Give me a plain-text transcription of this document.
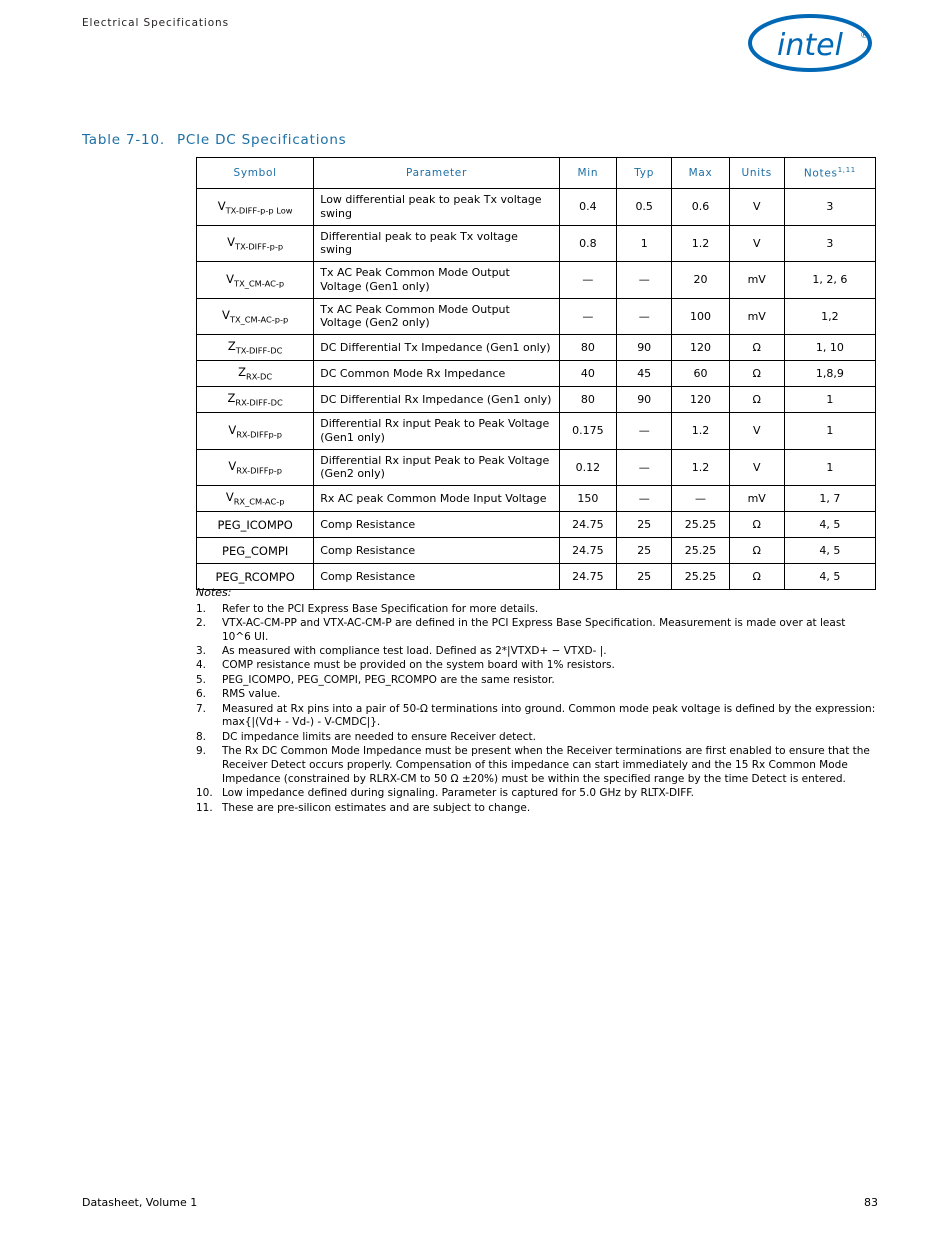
Electrical Specifications
intel ®
Table 7-10. PCIe DC Specifications
Symbol	Parameter	Min	Typ	Max	Units	Notes$^{1,11}$
$V_{TX-DIFF-p-p Low}$	Low differential peak to peak Tx voltage swing	0.4	0.5	0.6	V	3
$V_{TX-DIFF-p-p}$	Differential peak to peak Tx voltage swing	0.8	1	1.2	V	3
$V_{TX\_CM-AC-p}$	Tx AC Peak Common Mode Output Voltage (Gen1 only)	—	—	20	mV	1, 2, 6
$V_{TX\_CM-AC-p-p}$	Tx AC Peak Common Mode Output Voltage (Gen2 only)	—	—	100	mV	1,2
$Z_{TX-DIFF-DC}$	DC Differential Tx Impedance (Gen1 only)	80	90	120	Ω	1, 10
$Z_{RX-DC}$	DC Common Mode Rx Impedance	40	45	60	Ω	1,8,9
$Z_{RX-DIFF-DC}$	DC Differential Rx Impedance (Gen1 only)	80	90	120	Ω	1
$V_{RX-DIFFp-p}$	Differential Rx input Peak to Peak Voltage (Gen1 only)	0.175	—	1.2	V	1
$V_{RX-DIFFp-p}$	Differential Rx input Peak to Peak Voltage (Gen2 only)	0.12	—	1.2	V	1
$V_{RX\_CM-AC-p}$	Rx AC peak Common Mode Input Voltage	150	—	—	mV	1, 7
PEG_ICOMPO	Comp Resistance	24.75	25	25.25	Ω	4, 5
PEG_COMPI	Comp Resistance	24.75	25	25.25	Ω	4, 5
PEG_RCOMPO	Comp Resistance	24.75	25	25.25	Ω	4, 5
Notes:
1.	Refer to the PCI Express Base Specification for more details.
2.	VTX-AC-CM-PP and VTX-AC-CM-P are defined in the PCI Express Base Specification. Measurement is made over at least 10^6 UI.
3.	As measured with compliance test load. Defined as 2*|VTXD+ − VTXD- |.
4.	COMP resistance must be provided on the system board with 1% resistors.
5.	PEG_ICOMPO, PEG_COMPI, PEG_RCOMPO are the same resistor.
6.	RMS value.
7.	Measured at Rx pins into a pair of 50-Ω terminations into ground. Common mode peak voltage is defined by the expression: max{|(Vd+ - Vd-) - V-CMDC|}.
8.	DC impedance limits are needed to ensure Receiver detect.
9.	The Rx DC Common Mode Impedance must be present when the Receiver terminations are first enabled to ensure that the Receiver Detect occurs properly. Compensation of this impedance can start immediately and the 15 Rx Common Mode Impedance (constrained by RLRX-CM to 50 Ω ±20%) must be within the specified range by the time Detect is entered.
10. Low impedance defined during signaling. Parameter is captured for 5.0 GHz by RLTX-DIFF.
11. These are pre-silicon estimates and are subject to change.
Datasheet, Volume 1	83
